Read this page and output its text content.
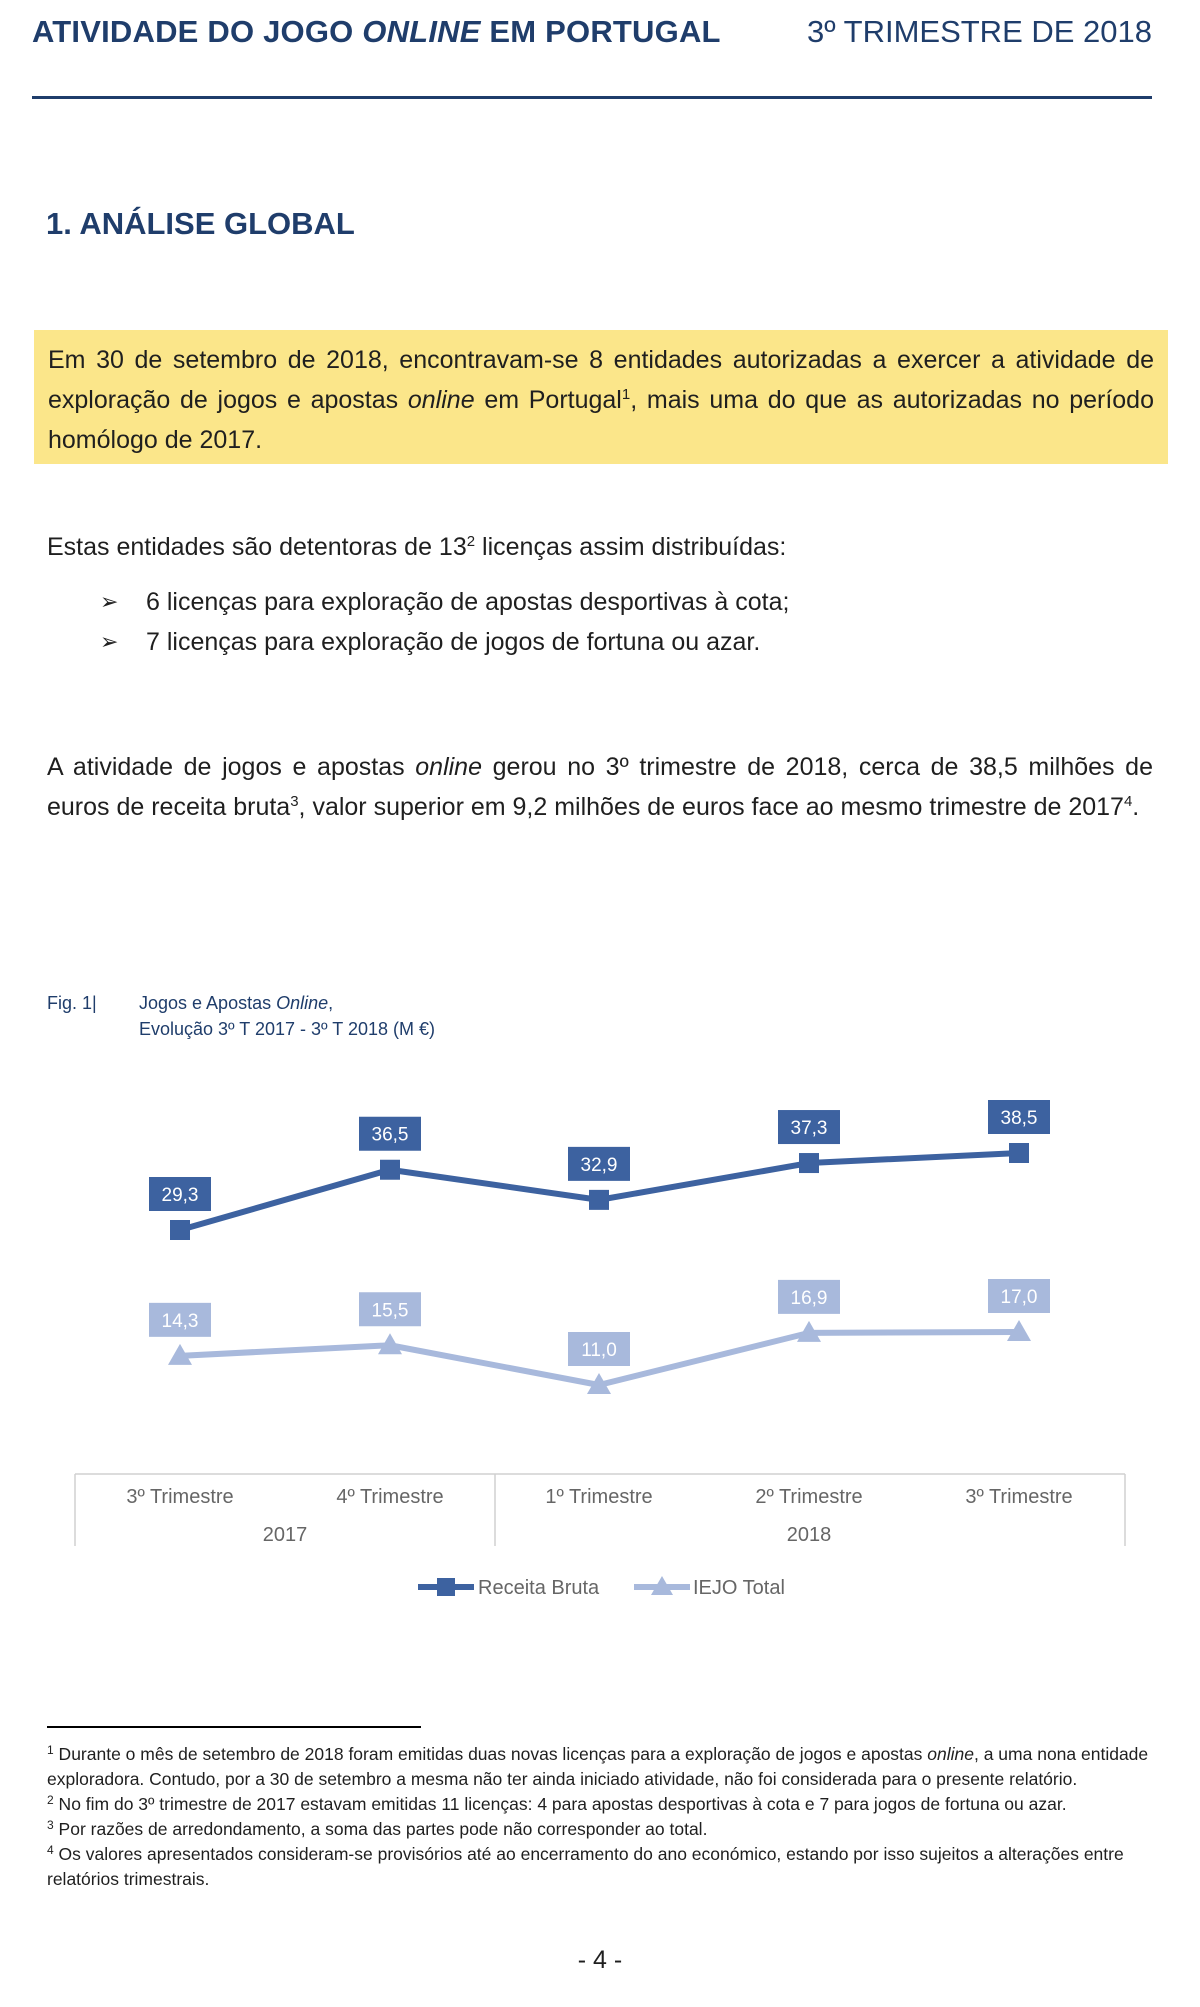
ATIVIDADE DO JOGO ONLINE EM PORTUGAL	3º TRIMESTRE DE 2018
1. ANÁLISE GLOBAL
Em 30 de setembro de 2018, encontravam-se 8 entidades autorizadas a exercer a atividade de exploração de jogos e apostas online em Portugal$^1$, mais uma do que as autorizadas no período homólogo de 2017.
Estas entidades são detentoras de $13^2$ licenças assim distribuídas:
➢	6 licenças para exploração de apostas desportivas à cota;
➢	7 licenças para exploração de jogos de fortuna ou azar.
A atividade de jogos e apostas online gerou no 3º trimestre de 2018, cerca de 38,5 milhões de euros de receita bruta$^3$, valor superior em 9,2 milhões de euros face ao mesmo trimestre de 2017$^4$.
Fig. 1|	Jogos e Apostas Online,
Evolução 3º T 2017 - 3º T 2018 (M €)
29,3
36,5
32,9
37,3	38,5
14,3
15,5
11,0
16,9	17,0
3º Trimestre	4º Trimestre	1º Trimestre	2º Trimestre	3º Trimestre
2017	2018
Receita Bruta	IEJO Total
$^1$ Durante o mês de setembro de 2018 foram emitidas duas novas licenças para a exploração de jogos e apostas online, a uma nona entidade exploradora. Contudo, por a 30 de setembro a mesma não ter ainda iniciado atividade, não foi considerada para o presente relatório.
$^2$ No fim do 3º trimestre de 2017 estavam emitidas 11 licenças: 4 para apostas desportivas à cota e 7 para jogos de fortuna ou azar.
$^3$ Por razões de arredondamento, a soma das partes pode não corresponder ao total.
$^4$ Os valores apresentados consideram-se provisórios até ao encerramento do ano económico, estando por isso sujeitos a alterações entre relatórios trimestrais.
- 4 -
